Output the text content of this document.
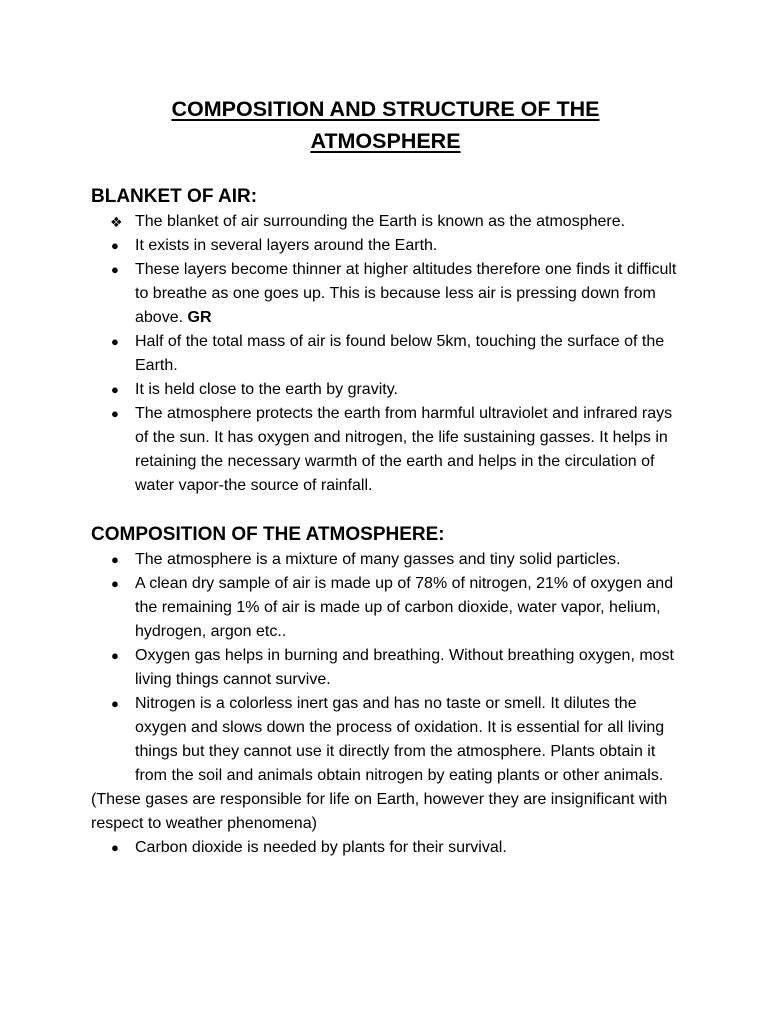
COMPOSITION AND STRUCTURE OF THE ATMOSPHERE
BLANKET OF AIR:
❖ The blanket of air surrounding the Earth is known as the atmosphere.
●	It exists in several layers around the Earth.
●	These layers become thinner at higher altitudes therefore one finds it difficult to breathe as one goes up. This is because less air is pressing down from above. GR
●	Half of the total mass of air is found below 5km, touching the surface of the Earth.
●	It is held close to the earth by gravity.
●	The atmosphere protects the earth from harmful ultraviolet and infrared rays of the sun. It has oxygen and nitrogen, the life sustaining gasses. It helps in retaining the necessary warmth of the earth and helps in the circulation of water vapor-the source of rainfall.
COMPOSITION OF THE ATMOSPHERE:
●	The atmosphere is a mixture of many gasses and tiny solid particles.
●	A clean dry sample of air is made up of 78% of nitrogen, 21% of oxygen and the remaining 1% of air is made up of carbon dioxide, water vapor, helium, hydrogen, argon etc..
●	Oxygen gas helps in burning and breathing. Without breathing oxygen, most living things cannot survive.
●	Nitrogen is a colorless inert gas and has no taste or smell. It dilutes the oxygen and slows down the process of oxidation. It is essential for all living things but they cannot use it directly from the atmosphere. Plants obtain it from the soil and animals obtain nitrogen by eating plants or other animals.

(These gases are responsible for life on Earth, however they are insignificant with respect to weather phenomena)

●	Carbon dioxide is needed by plants for their survival.
